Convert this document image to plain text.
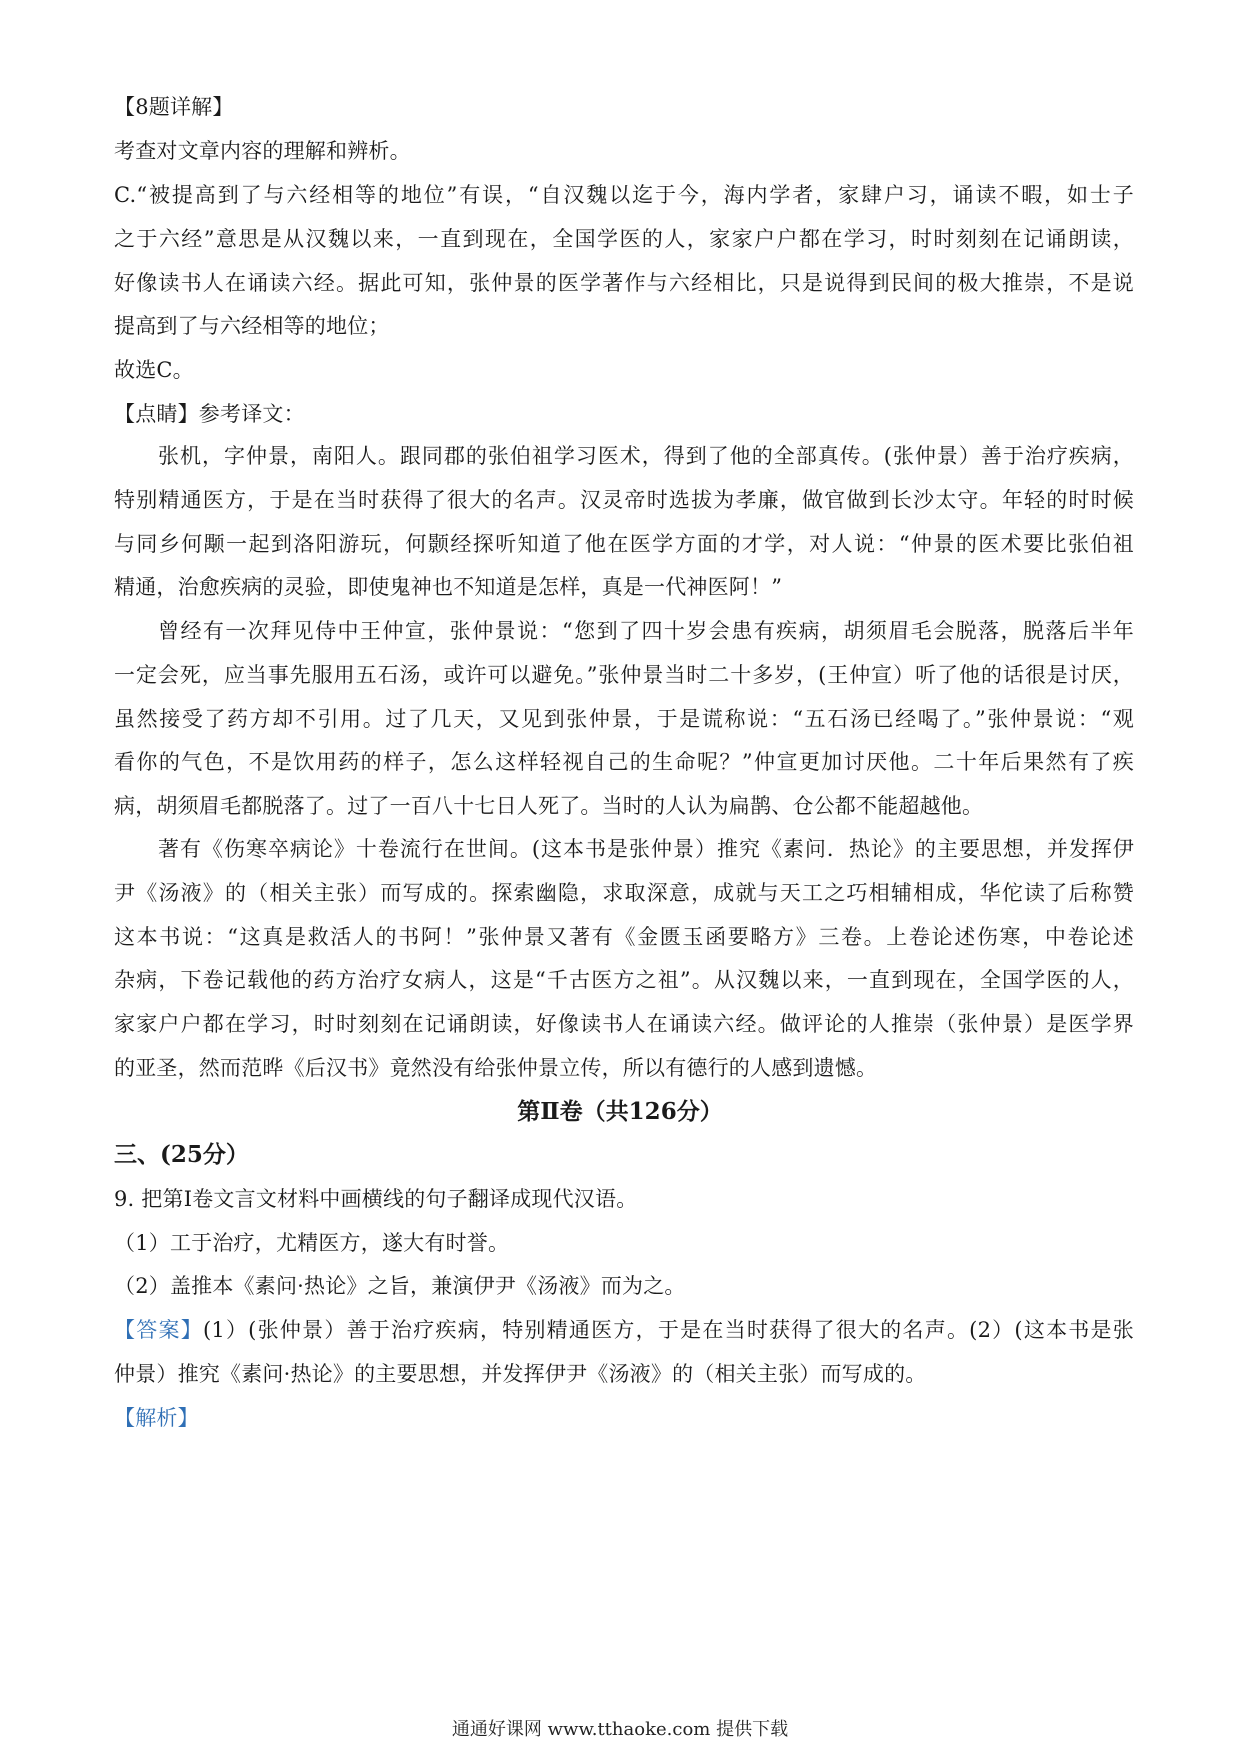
【8题详解】
考查对文章内容的理解和辨析。
C.“被提高到了与六经相等的地位”有误，“自汉魏以迄于今，海内学者，家肆户习，诵读不暇，如士子
之于六经”意思是从汉魏以来，一直到现在，全国学医的人，家家户户都在学习，时时刻刻在记诵朗读，
好像读书人在诵读六经。据此可知，张仲景的医学著作与六经相比，只是说得到民间的极大推崇，不是说
提高到了与六经相等的地位；
故选C。
【点睛】参考译文：
张机，字仲景，南阳人。跟同郡的张伯祖学习医术，得到了他的全部真传。(张仲景）善于治疗疾病，
特别精通医方，于是在当时获得了很大的名声。汉灵帝时选拔为孝廉，做官做到长沙太守。年轻的时时候
与同乡何颙一起到洛阳游玩，何颢经探听知道了他在医学方面的才学，对人说：“仲景的医术要比张伯祖
精通，治愈疾病的灵验，即使鬼神也不知道是怎样，真是一代神医阿！”
曾经有一次拜见侍中王仲宣，张仲景说：“您到了四十岁会患有疾病，胡须眉毛会脱落，脱落后半年
一定会死，应当事先服用五石汤，或许可以避免。”张仲景当时二十多岁，(王仲宣）听了他的话很是讨厌，
虽然接受了药方却不引用。过了几天，又见到张仲景，于是谎称说：“五石汤已经喝了。”张仲景说：“观
看你的气色，不是饮用药的样子，怎么这样轻视自己的生命呢？”仲宣更加讨厌他。二十年后果然有了疾
病，胡须眉毛都脱落了。过了一百八十七日人死了。当时的人认为扁鹊、仓公都不能超越他。
著有《伤寒卒病论》十卷流行在世间。(这本书是张仲景）推究《素问．热论》的主要思想，并发挥伊
尹《汤液》的（相关主张）而写成的。探索幽隐，求取深意，成就与天工之巧相辅相成，华佗读了后称赞
这本书说：“这真是救活人的书阿！”张仲景又著有《金匮玉函要略方》三卷。上卷论述伤寒，中卷论述
杂病，下卷记载他的药方治疗女病人，这是“千古医方之祖”。从汉魏以来，一直到现在，全国学医的人，
家家户户都在学习，时时刻刻在记诵朗读，好像读书人在诵读六经。做评论的人推崇（张仲景）是医学界
的亚圣，然而范晔《后汉书》竟然没有给张仲景立传，所以有德行的人感到遗憾。
第Ⅱ卷（共126分）
三、(25分）
9. 把第Ⅰ卷文言文材料中画横线的句子翻译成现代汉语。
（1）工于治疗，尤精医方，遂大有时誉。
（2）盖推本《素问·热论》之旨，兼演伊尹《汤液》而为之。
【答案】(1）(张仲景）善于治疗疾病，特别精通医方，于是在当时获得了很大的名声。(2）(这本书是张
仲景）推究《素问·热论》的主要思想，并发挥伊尹《汤液》的（相关主张）而写成的。
【解析】
通通好课网 www.tthaoke.com 提供下载
